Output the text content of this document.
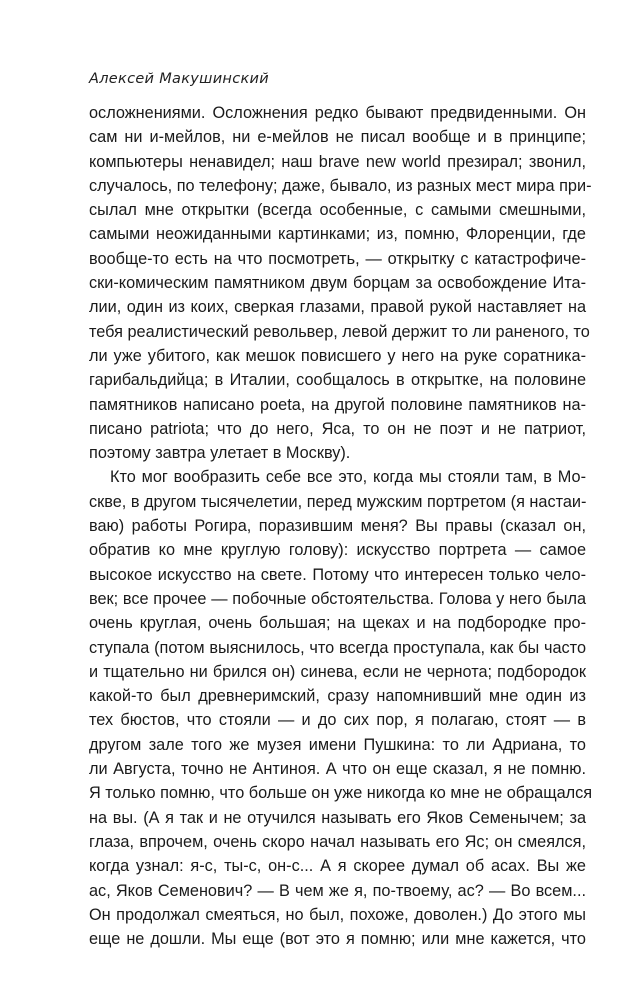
Алексей Макушинский
осложнениями. Осложнения редко бывают предвиденными. Он
сам ни и-мейлов, ни е-мейлов не писал вообще и в принципе;
компьютеры ненавидел; наш brave new world презирал; звонил,
случалось, по телефону; даже, бывало, из разных мест мира при-
сылал мне открытки (всегда особенные, с самыми смешными,
самыми неожиданными картинками; из, помню, Флоренции, где
вообще-то есть на что посмотреть, — открытку с катастрофиче-
ски-комическим памятником двум борцам за освобождение Ита-
лии, один из коих, сверкая глазами, правой рукой наставляет на
тебя реалистический револьвер, левой держит то ли раненого, то
ли уже убитого, как мешок повисшего у него на руке соратника-
гарибальдийца; в Италии, сообщалось в открытке, на половине
памятников написано poeta, на другой половине памятников на-
писано patriota; что до него, Яса, то он не поэт и не патриот,
поэтому завтра улетает в Москву).
Кто мог вообразить себе все это, когда мы стояли там, в Мо-
скве, в другом тысячелетии, перед мужским портретом (я настаи-
ваю) работы Рогира, поразившим меня? Вы правы (сказал он,
обратив ко мне круглую голову): искусство портрета — самое
высокое искусство на свете. Потому что интересен только чело-
век; все прочее — побочные обстоятельства. Голова у него была
очень круглая, очень большая; на щеках и на подбородке про-
ступала (потом выяснилось, что всегда проступала, как бы часто
и тщательно ни брился он) синева, если не чернота; подбородок
какой-то был древнеримский, сразу напомнивший мне один из
тех бюстов, что стояли — и до сих пор, я полагаю, стоят — в
другом зале того же музея имени Пушкина: то ли Адриана, то
ли Августа, точно не Антиноя. А что он еще сказал, я не помню.
Я только помню, что больше он уже никогда ко мне не обращался
на вы. (А я так и не отучился называть его Яков Семенычем; за
глаза, впрочем, очень скоро начал называть его Яс; он смеялся,
когда узнал: я-с, ты-с, он-с... А я скорее думал об асах. Вы же
ас, Яков Семенович? — В чем же я, по-твоему, ас? — Во всем...
Он продолжал смеяться, но был, похоже, доволен.) До этого мы
еще не дошли. Мы еще (вот это я помню; или мне кажется, что
